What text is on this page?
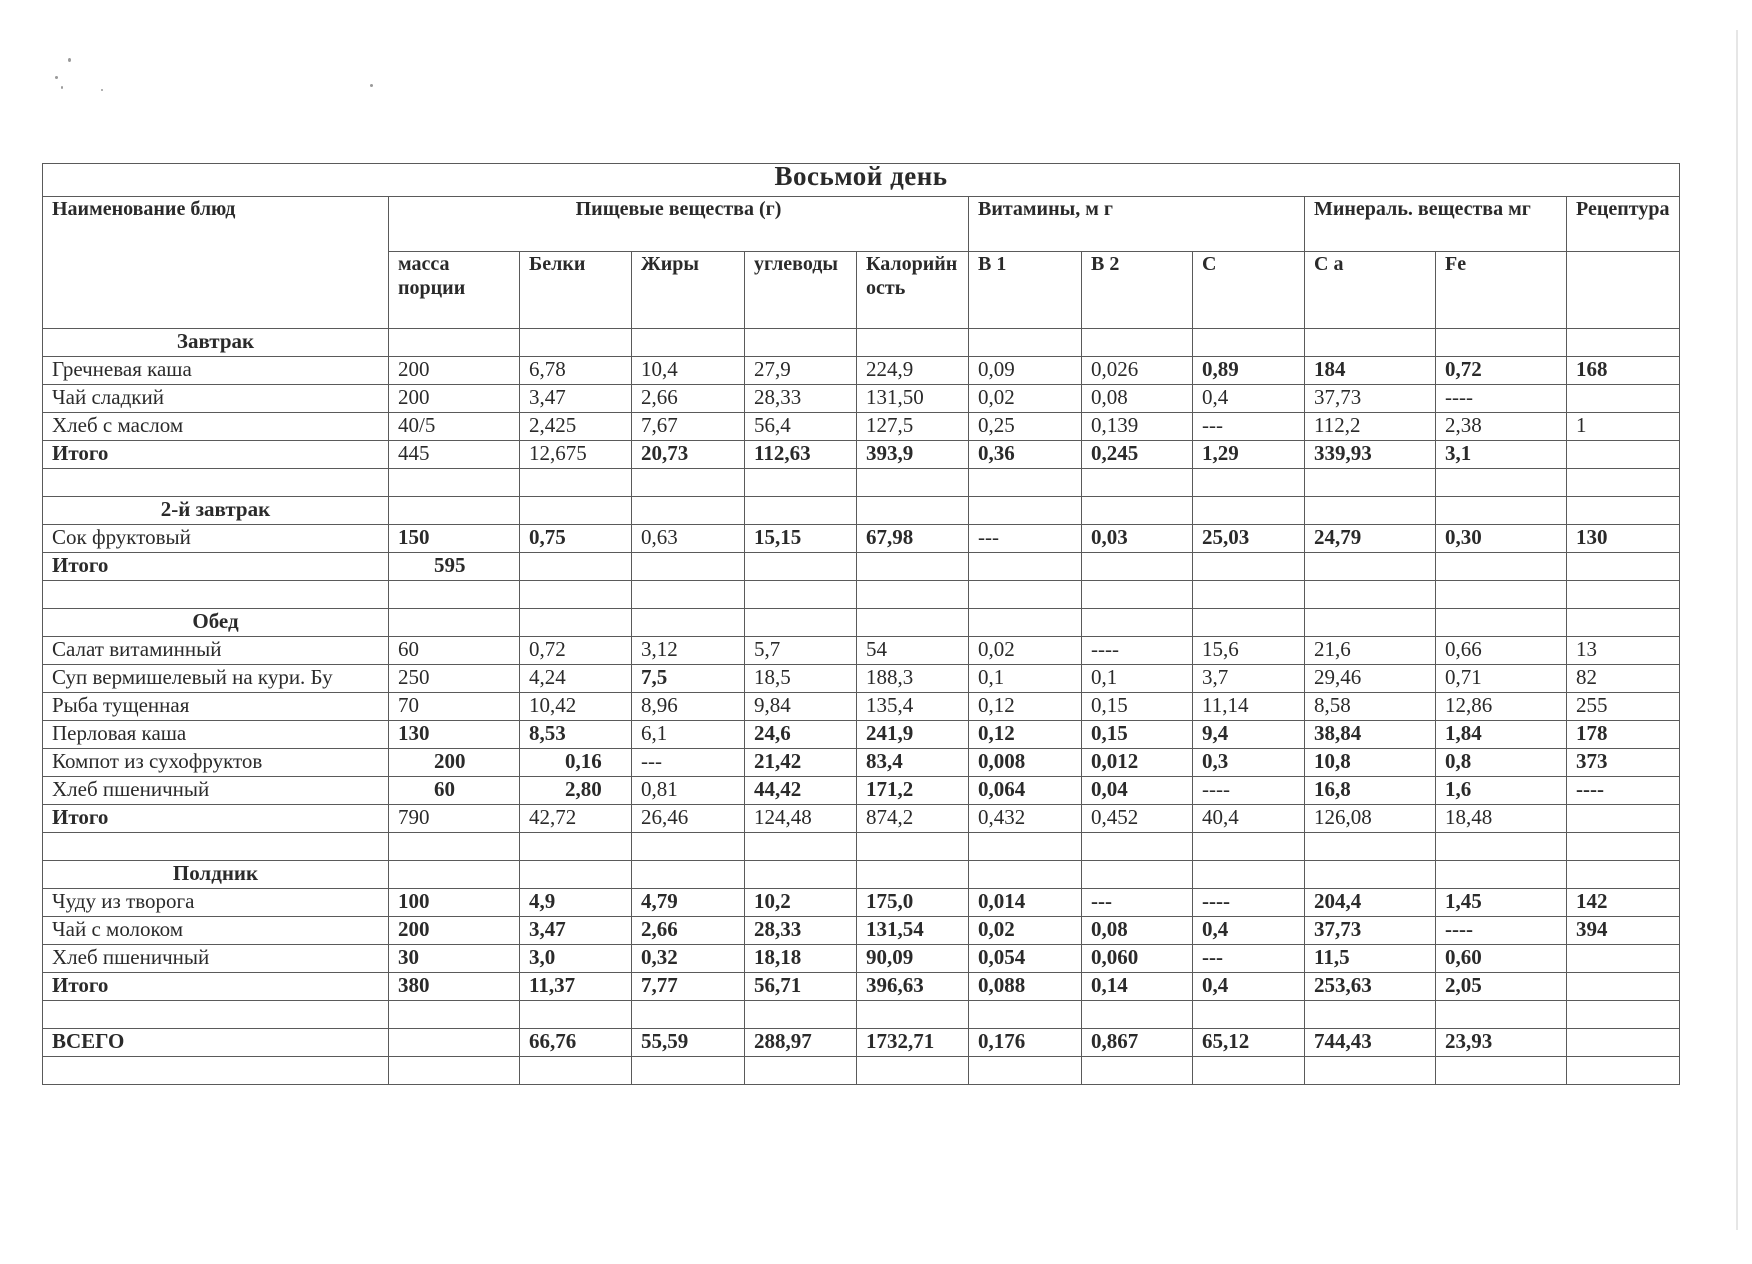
Восьмой день											
Наименование блюд	Пищевые вещества (г)					Витамины, м г			Минераль. вещества мг		Рецептура
	масса порции	Белки	Жиры	углеводы	Калорийность	В 1	В 2	С	С а	Fe	
Завтрак											
Гречневая каша	200	6,78	10,4	27,9	224,9	0,09	0,026	0,89	184	0,72	168
Чай сладкий	200	3,47	2,66	28,33	131,50	0,02	0,08	0,4	37,73	----	
Хлеб с маслом	40/5	2,425	7,67	56,4	127,5	0,25	0,139	---	112,2	2,38	1
Итого	445	12,675	20,73	112,63	393,9	0,36	0,245	1,29	339,93	3,1	

2-й завтрак											
Сок фруктовый	150	0,75	0,63	15,15	67,98	---	0,03	25,03	24,79	0,30	130
Итого	595										

Обед											
Салат витаминный	60	0,72	3,12	5,7	54	0,02	----	15,6	21,6	0,66	13
Суп вермишелевый на кури. Бу	250	4,24	7,5	18,5	188,3	0,1	0,1	3,7	29,46	0,71	82
Рыба тущенная	70	10,42	8,96	9,84	135,4	0,12	0,15	11,14	8,58	12,86	255
Перловая каша	130	8,53	6,1	24,6	241,9	0,12	0,15	9,4	38,84	1,84	178
Компот из сухофруктов	200	0,16	---	21,42	83,4	0,008	0,012	0,3	10,8	0,8	373
Хлеб пшеничный	60	2,80	0,81	44,42	171,2	0,064	0,04	----	16,8	1,6	----
Итого	790	42,72	26,46	124,48	874,2	0,432	0,452	40,4	126,08	18,48	

Полдник											
Чуду из творога	100	4,9	4,79	10,2	175,0	0,014	---	----	204,4	1,45	142
Чай с молоком	200	3,47	2,66	28,33	131,54	0,02	0,08	0,4	37,73	----	394
Хлеб пшеничный	30	3,0	0,32	18,18	90,09	0,054	0,060	---	11,5	0,60	
Итого	380	11,37	7,77	56,71	396,63	0,088	0,14	0,4	253,63	2,05	

ВСЕГО		66,76	55,59	288,97	1732,71	0,176	0,867	65,12	744,43	23,93	
